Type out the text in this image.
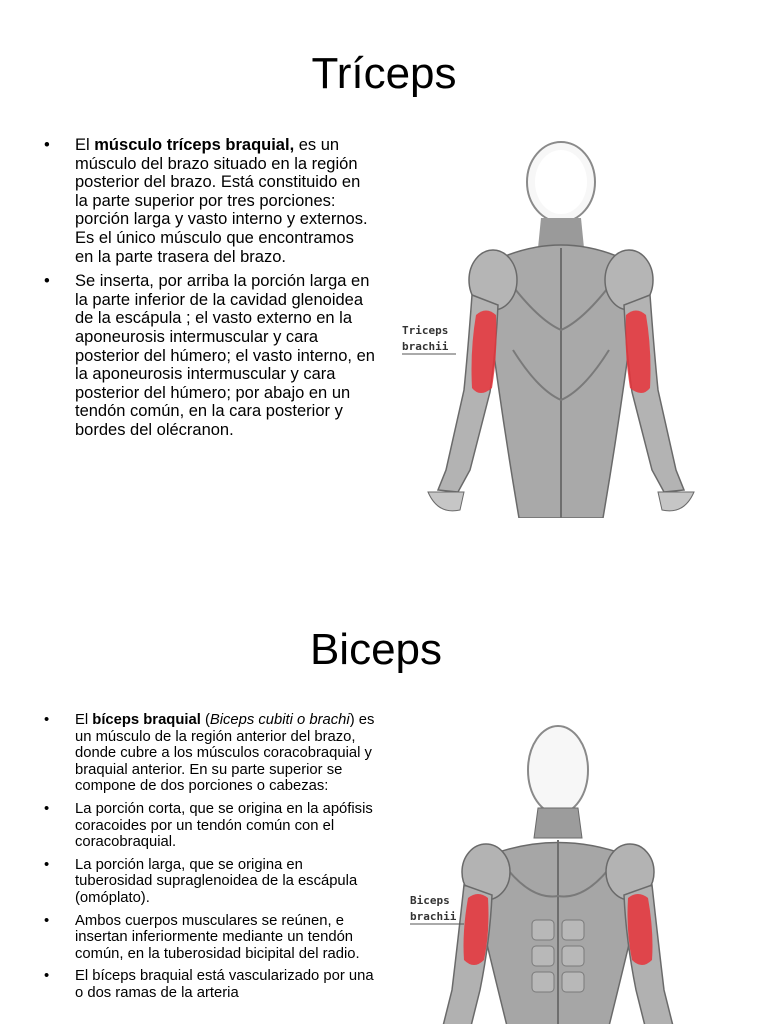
Tríceps
• El músculo tríceps braquial, es un músculo del brazo situado en la región posterior del brazo. Está constituido en la parte superior por tres porciones: porción larga y vasto interno y externos. Es el único músculo que encontramos en la parte trasera del brazo.
• Se inserta, por arriba la porción larga en la parte inferior de la cavidad glenoidea de la escápula ; el vasto externo en la aponeurosis intermuscular y cara posterior del húmero; el vasto interno, en la aponeurosis intermuscular y cara posterior del húmero; por abajo en un tendón común, en la cara posterior y bordes del olécranon.
Triceps
brachii
Biceps
• El bíceps braquial (Biceps cubiti o brachi) es un músculo de la región anterior del brazo, donde cubre a los músculos coracobraquial y braquial anterior. En su parte superior se compone de dos porciones o cabezas:
• La porción corta, que se origina en la apófisis coracoides por un tendón común con el coracobraquial.
• La porción larga, que se origina en tuberosidad supraglenoidea de la escápula (omóplato).
• Ambos cuerpos musculares se reúnen, e insertan inferiormente mediante un tendón común, en la tuberosidad bicipital del radio.
• El bíceps braquial está vascularizado por una o dos ramas de la arteria
Biceps
brachii
